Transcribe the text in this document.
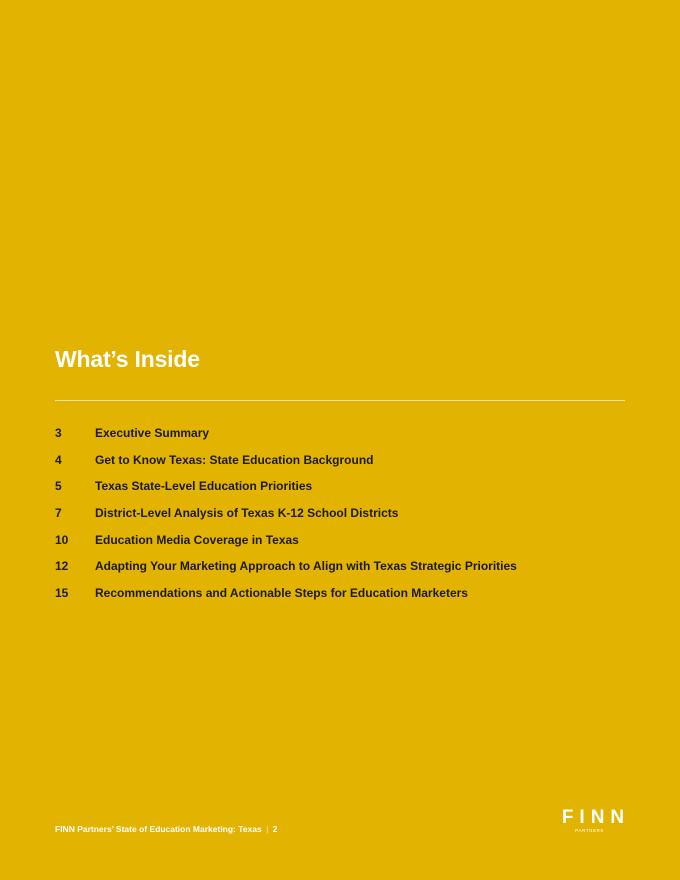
What’s Inside
3	Executive Summary
4	Get to Know Texas: State Education Background
5	Texas State-Level Education Priorities
7	District-Level Analysis of Texas K-12 School Districts
10	Education Media Coverage in Texas
12	Adapting Your Marketing Approach to Align with Texas Strategic Priorities
15	Recommendations and Actionable Steps for Education Marketers
FINN Partners’ State of Education Marketing: Texas | 2
FINN
PARTNERS
